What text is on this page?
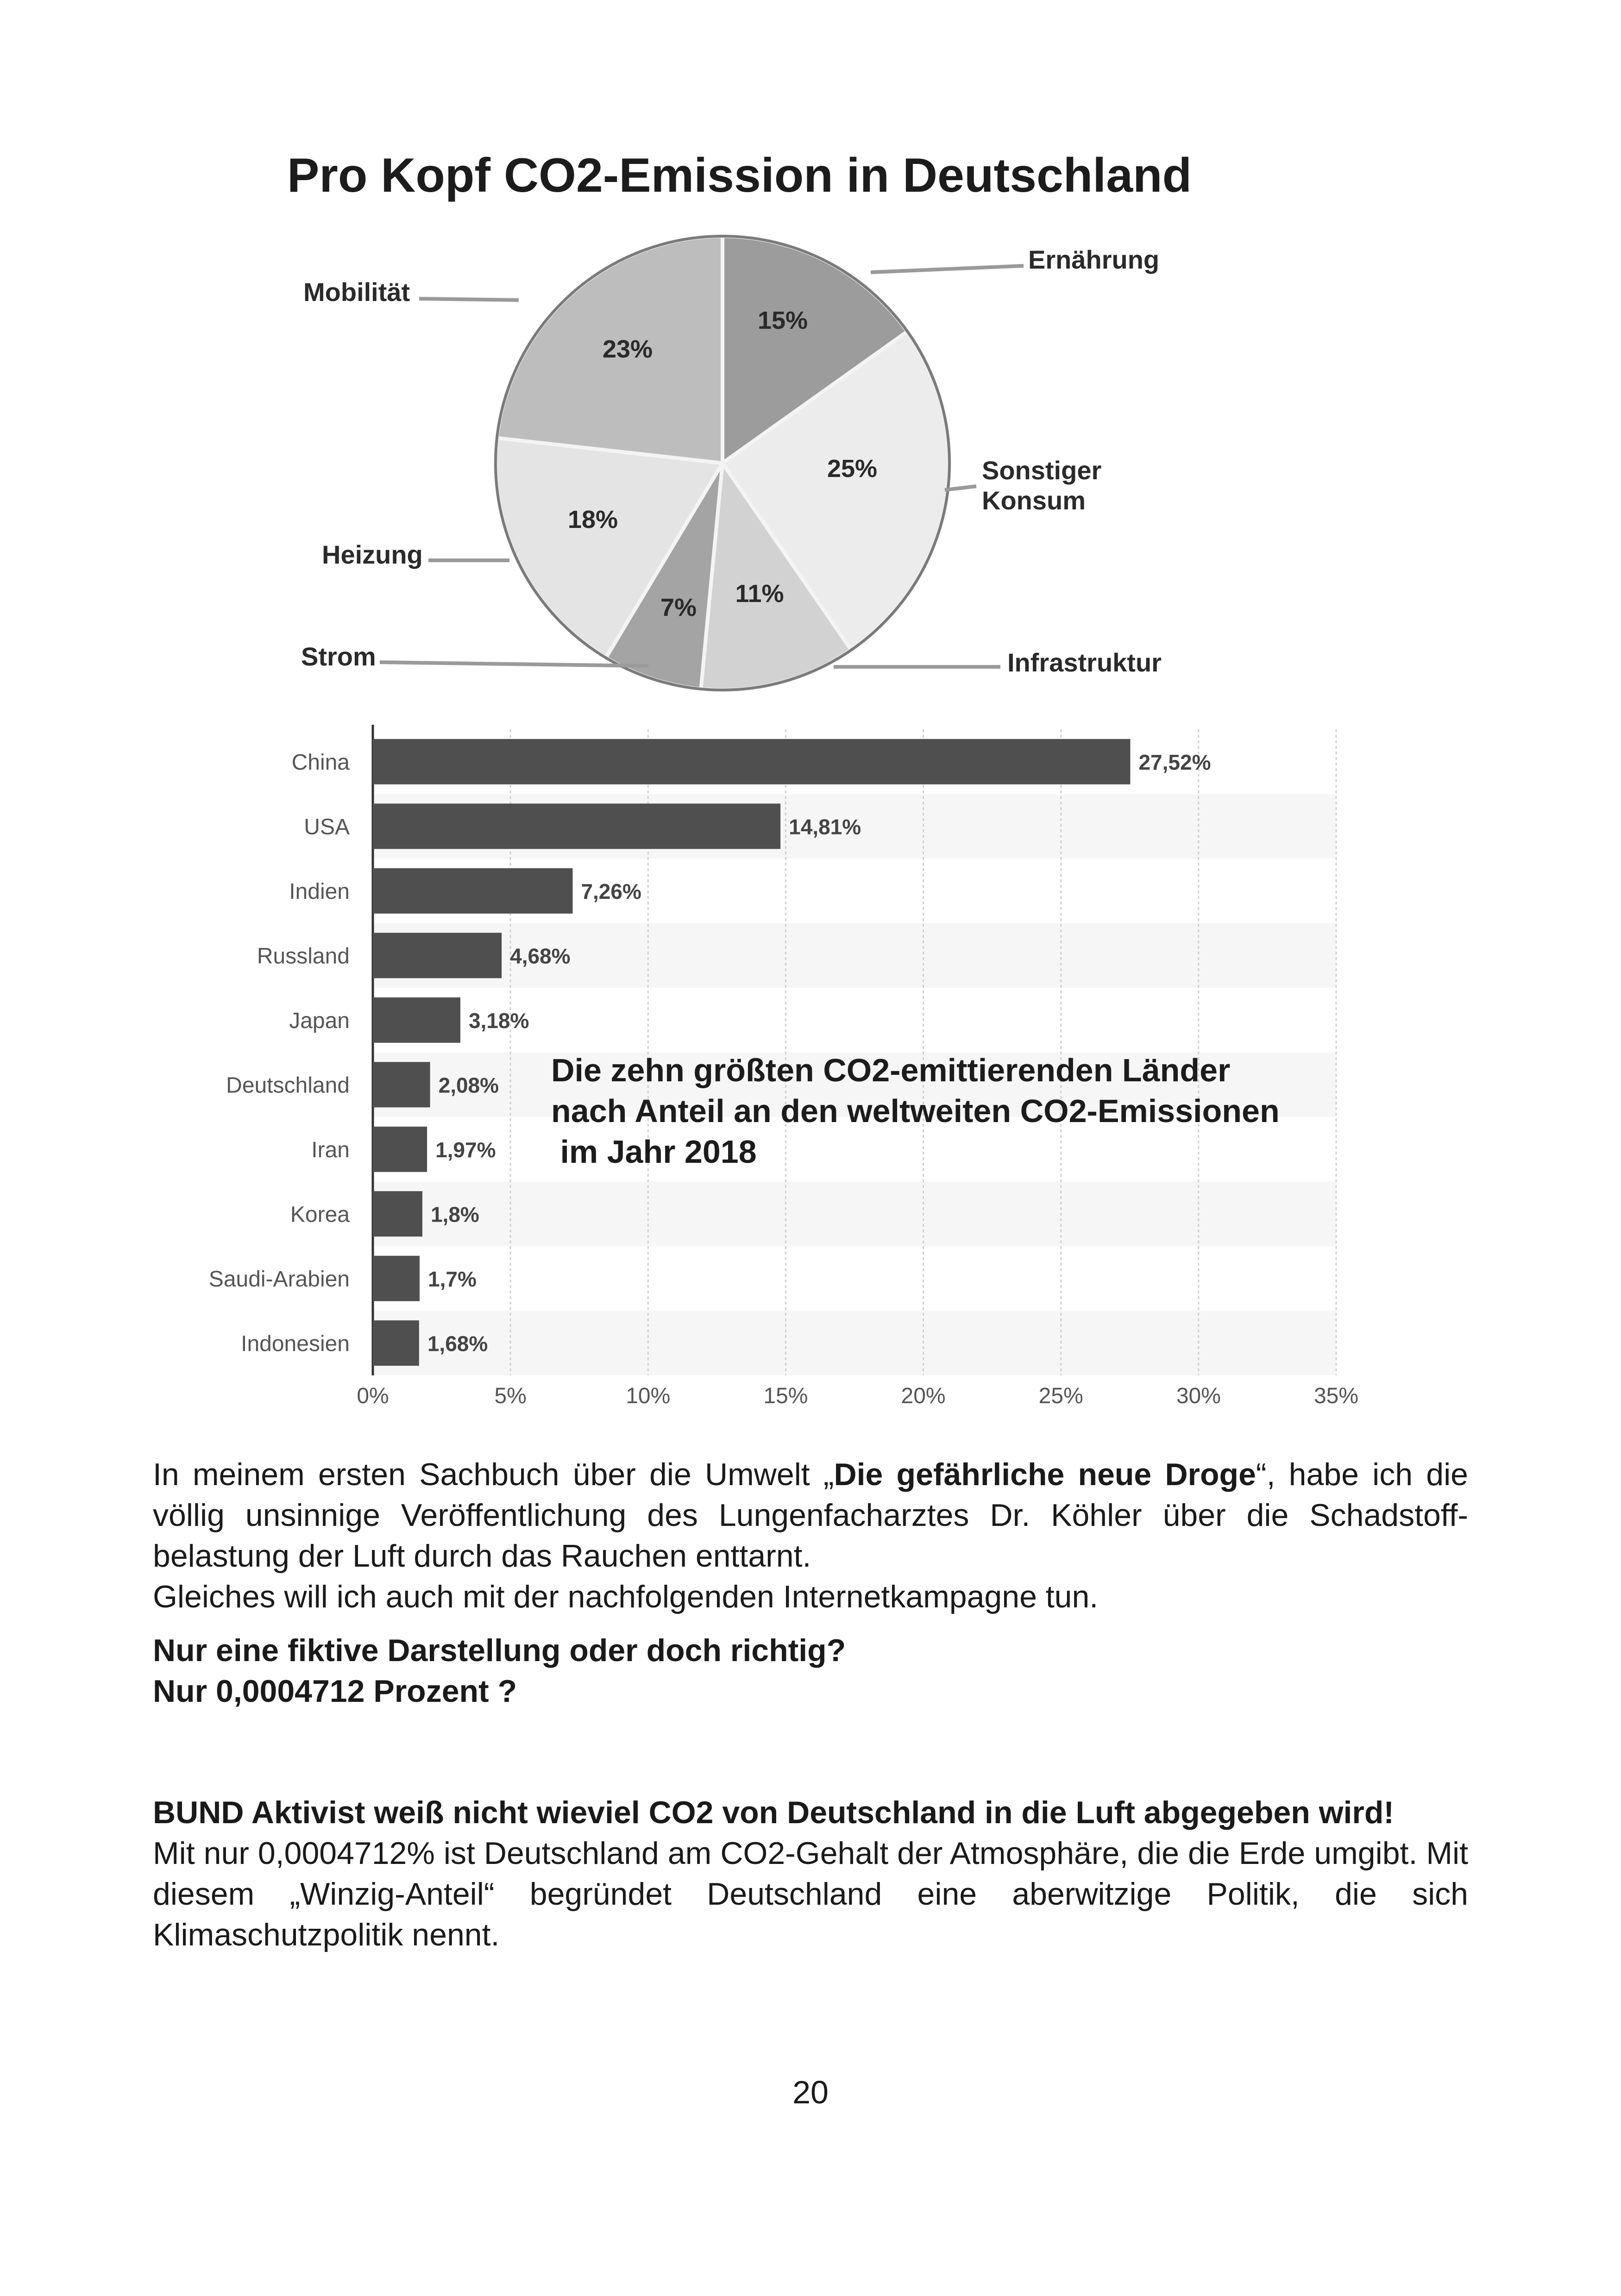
Pro Kopf CO2-Emission in Deutschland
15%
25%
11%
7%
18%
23%
Ernährung
Sonstiger
Konsum
Infrastruktur
Strom
Heizung
Mobilität
0%	5%	10%	15%	20%	25%	30%	35%
China	27,52%
USA	14,81%
Indien	7,26%
Russland	4,68%
Japan	3,18%
Deutschland	2,08%
Iran	1,97%
Korea	1,8%
Saudi-Arabien	1,7%
Indonesien	1,68%
Die zehn größten CO2-emittierenden Länder
nach Anteil an den weltweiten CO2-Emissionen
im Jahr 2018
In meinem ersten Sachbuch über die Umwelt „Die gefährliche neue Droge“, habe ich die völlig unsinnige Veröffentlichung des Lungenfacharztes Dr. Köhler über die Schadstoffbelastung der Luft durch das Rauchen enttarnt.
Gleiches will ich auch mit der nachfolgenden Internetkampagne tun.
Nur eine fiktive Darstellung oder doch richtig?
Nur 0,0004712 Prozent ?
BUND Aktivist weiß nicht wieviel CO2 von Deutschland in die Luft abgegeben wird!
Mit nur 0,0004712% ist Deutschland am CO2-Gehalt der Atmosphäre, die die Erde umgibt. Mit diesem „Winzig-Anteil“ begründet Deutschland eine aberwitzige Politik, die sich Klimaschutzpolitik nennt.
20
